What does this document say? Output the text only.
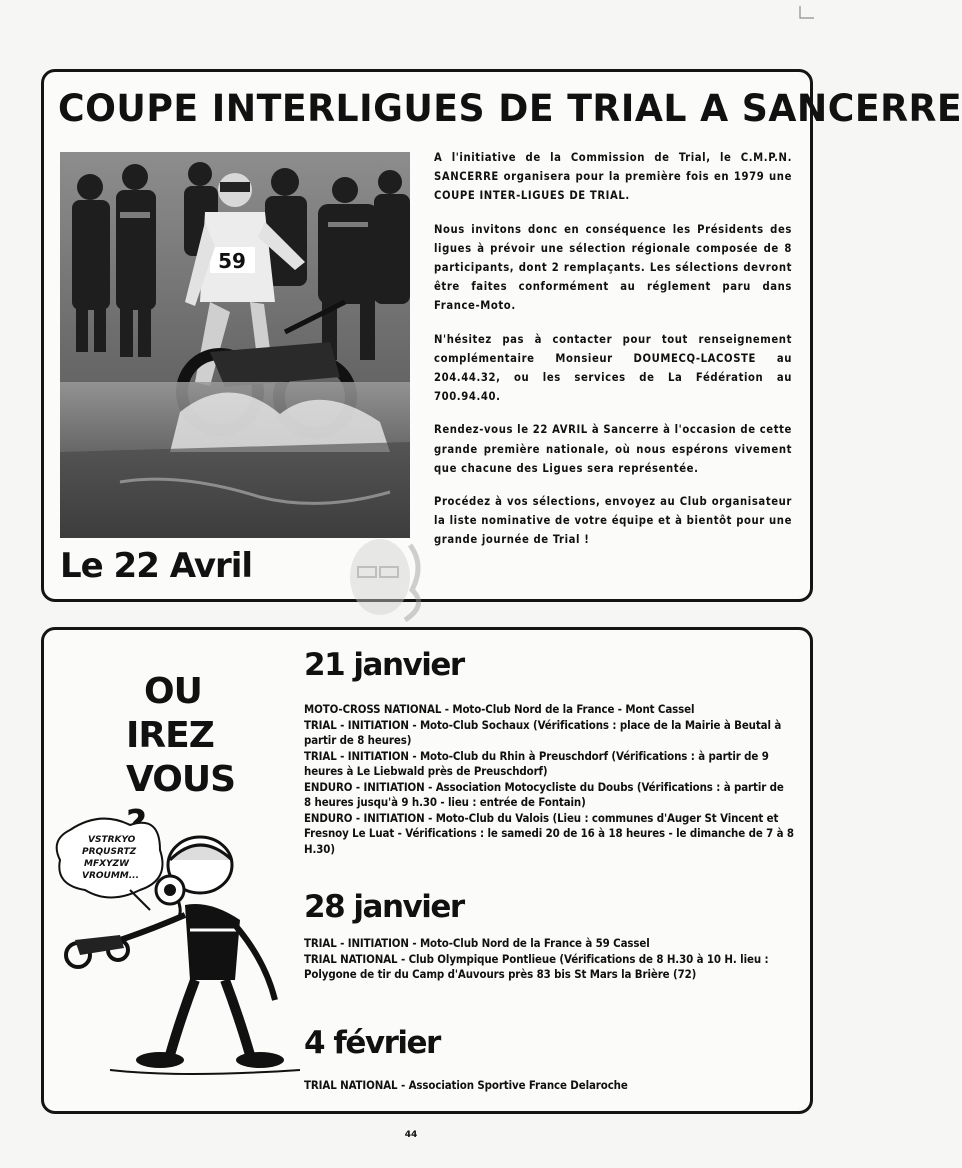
COUPE INTERLIGUES DE TRIAL A SANCERRE
59
Le 22 Avril

A l'initiative de la Commission de Trial, le C.M.P.N. SANCERRE organisera pour la première fois en 1979 une COUPE INTER-LIGUES DE TRIAL.

Nous invitons donc en conséquence les Présidents des ligues à prévoir une sélection régionale composée de 8 participants, dont 2 remplaçants. Les sélections devront être faites conformément au réglement paru dans France-Moto.

N'hésitez pas à contacter pour tout renseignement complémentaire Monsieur DOUMECQ-LACOSTE au 204.44.32, ou les services de La Fédération au 700.94.40.

Rendez-vous le 22 AVRIL à Sancerre à l'occasion de cette grande première nationale, où nous espérons vivement que chacune des Ligues sera représentée.

Procédez à vos sélections, envoyez au Club organisateur la liste nominative de votre équipe et à bientôt pour une grande journée de Trial !

OU
IREZ
VOUS
VSTRKYO
PRQUSRTZ
MFXYZW
VROUMM...
21 janvier
MOTO-CROSS NATIONAL - Moto-Club Nord de la France - Mont Cassel
TRIAL - INITIATION - Moto-Club Sochaux (Vérifications : place de la Mairie à Beutal à partir de 8 heures)
TRIAL - INITIATION - Moto-Club du Rhin à Preuschdorf (Vérifications : à partir de 9 heures à Le Liebwald près de Preuschdorf)
ENDURO - INITIATION - Association Motocycliste du Doubs (Vérifications : à partir de 8 heures jusqu'à 9 h.30 - lieu : entrée de Fontain)
ENDURO - INITIATION - Moto-Club du Valois (Lieu : communes d'Auger St Vincent et Fresnoy Le Luat - Vérifications : le samedi 20 de 16 à 18 heures - le dimanche de 7 à 8 H.30)
28 janvier
TRIAL - INITIATION - Moto-Club Nord de la France à 59 Cassel
TRIAL NATIONAL - Club Olympique Pontlieue (Vérifications de 8 H.30 à 10 H. lieu : Polygone de tir du Camp d'Auvours près 83 bis St Mars la Brière (72)
4 février
TRIAL NATIONAL - Association Sportive France Delaroche
44
